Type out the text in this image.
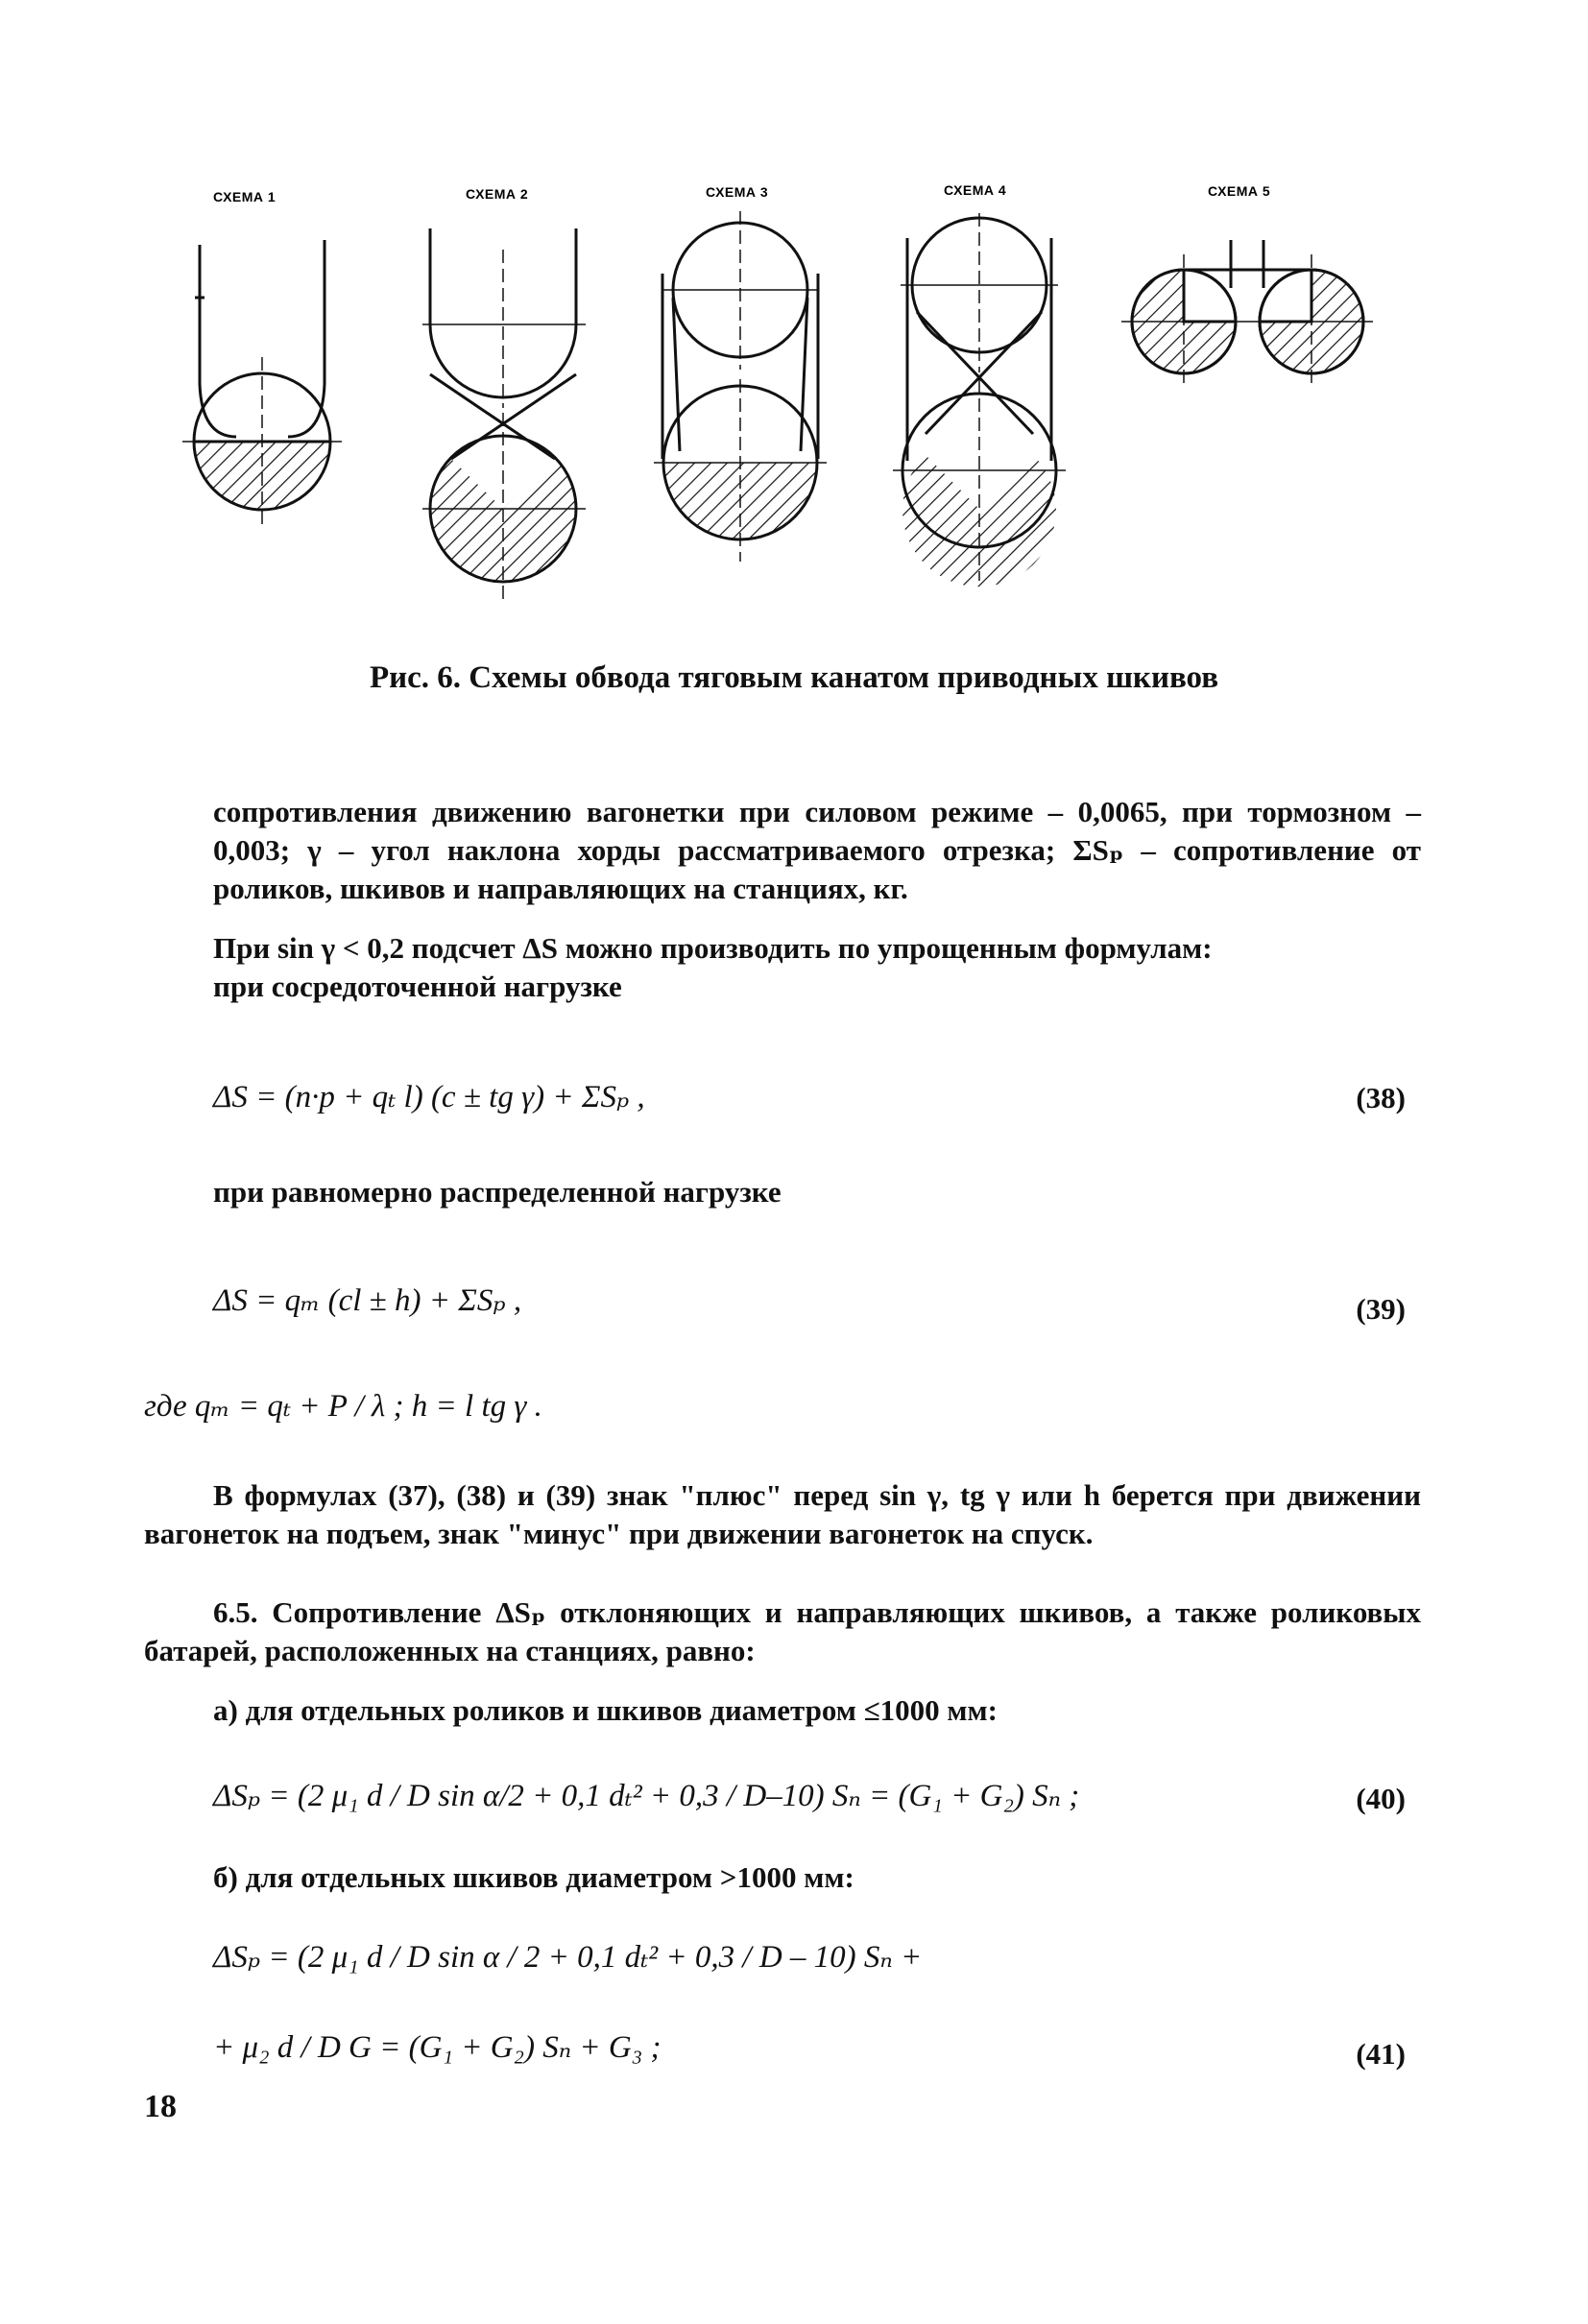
СХЕМА 1	СХЕМА 2	СХЕМА 3	СХЕМА 4	СХЕМА 5
Рис. 6. Схемы обвода тяговым канатом приводных шкивов
сопротивления движению вагонетки при силовом режиме – 0,0065, при тормозном – 0,003; γ – угол наклона хорды рассматриваемого отрезка; ΣSₚ – сопротивление от роликов, шкивов и направляющих на станциях, кг.
При sin γ < 0,2 подсчет ΔS можно производить по упрощенным формулам:
при сосредоточенной нагрузке
ΔS = (n·p + qₜ l) (c ± tg γ) + ΣSₚ ,	(38)
при равномерно распределенной нагрузке
ΔS = qₘ (cl ± h) + ΣSₚ ,	(39)
где qₘ = qₜ + P / λ ; h = l tg γ .
В формулах (37), (38) и (39) знак "плюс" перед sin γ, tg γ или h берется при движении вагонеток на подъем, знак "минус" при движении вагонеток на спуск.
6.5. Сопротивление ΔSₚ отклоняющих и направляющих шкивов, а также роликовых батарей, расположенных на станциях, равно:
а) для отдельных роликов и шкивов диаметром ≤1000 мм:
ΔSₚ = (2 μ₁ d / D sin α/2 + 0,1 dₜ² + 0,3 / D–10) Sₙ = (G₁ + G₂) Sₙ ;	(40)
б) для отдельных шкивов диаметром >1000 мм:
ΔSₚ = (2 μ₁ d / D sin α / 2 + 0,1 dₜ² + 0,3 / D – 10) Sₙ +
+ μ₂ d / D G = (G₁ + G₂) Sₙ + G₃ ;	(41)
18
